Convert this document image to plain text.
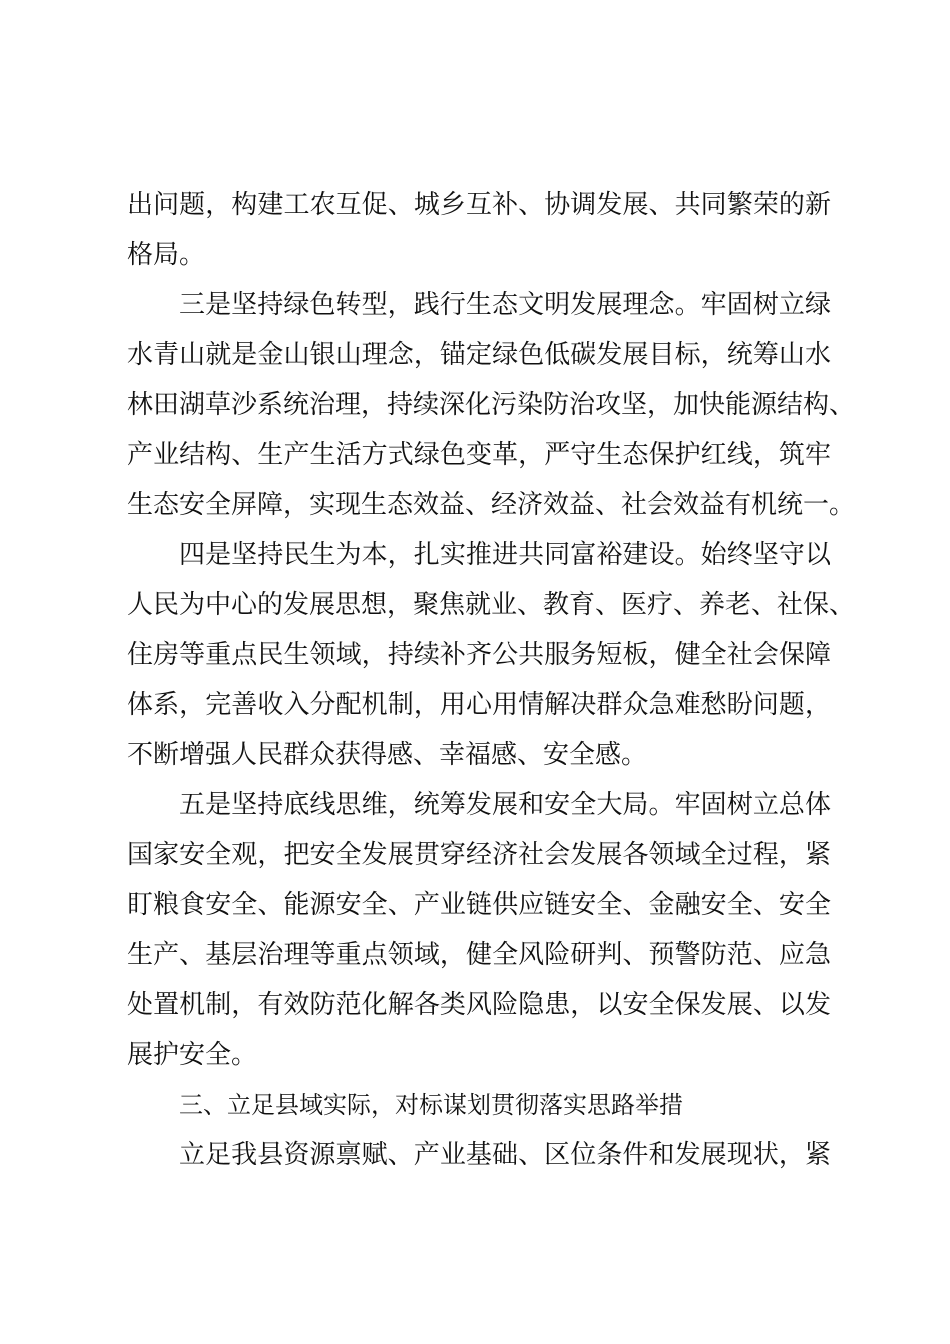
出问题，构建工农互促、城乡互补、协调发展、共同繁荣的新
格局。
三是坚持绿色转型，践行生态文明发展理念。牢固树立绿
水青山就是金山银山理念，锚定绿色低碳发展目标，统筹山水
林田湖草沙系统治理，持续深化污染防治攻坚，加快能源结构、
产业结构、生产生活方式绿色变革，严守生态保护红线，筑牢
生态安全屏障，实现生态效益、经济效益、社会效益有机统一。
四是坚持民生为本，扎实推进共同富裕建设。始终坚守以
人民为中心的发展思想，聚焦就业、教育、医疗、养老、社保、
住房等重点民生领域，持续补齐公共服务短板，健全社会保障
体系，完善收入分配机制，用心用情解决群众急难愁盼问题，
不断增强人民群众获得感、幸福感、安全感。
五是坚持底线思维，统筹发展和安全大局。牢固树立总体
国家安全观，把安全发展贯穿经济社会发展各领域全过程，紧
盯粮食安全、能源安全、产业链供应链安全、金融安全、安全
生产、基层治理等重点领域，健全风险研判、预警防范、应急
处置机制，有效防范化解各类风险隐患，以安全保发展、以发
展护安全。
三、立足县域实际，对标谋划贯彻落实思路举措
立足我县资源禀赋、产业基础、区位条件和发展现状，紧
